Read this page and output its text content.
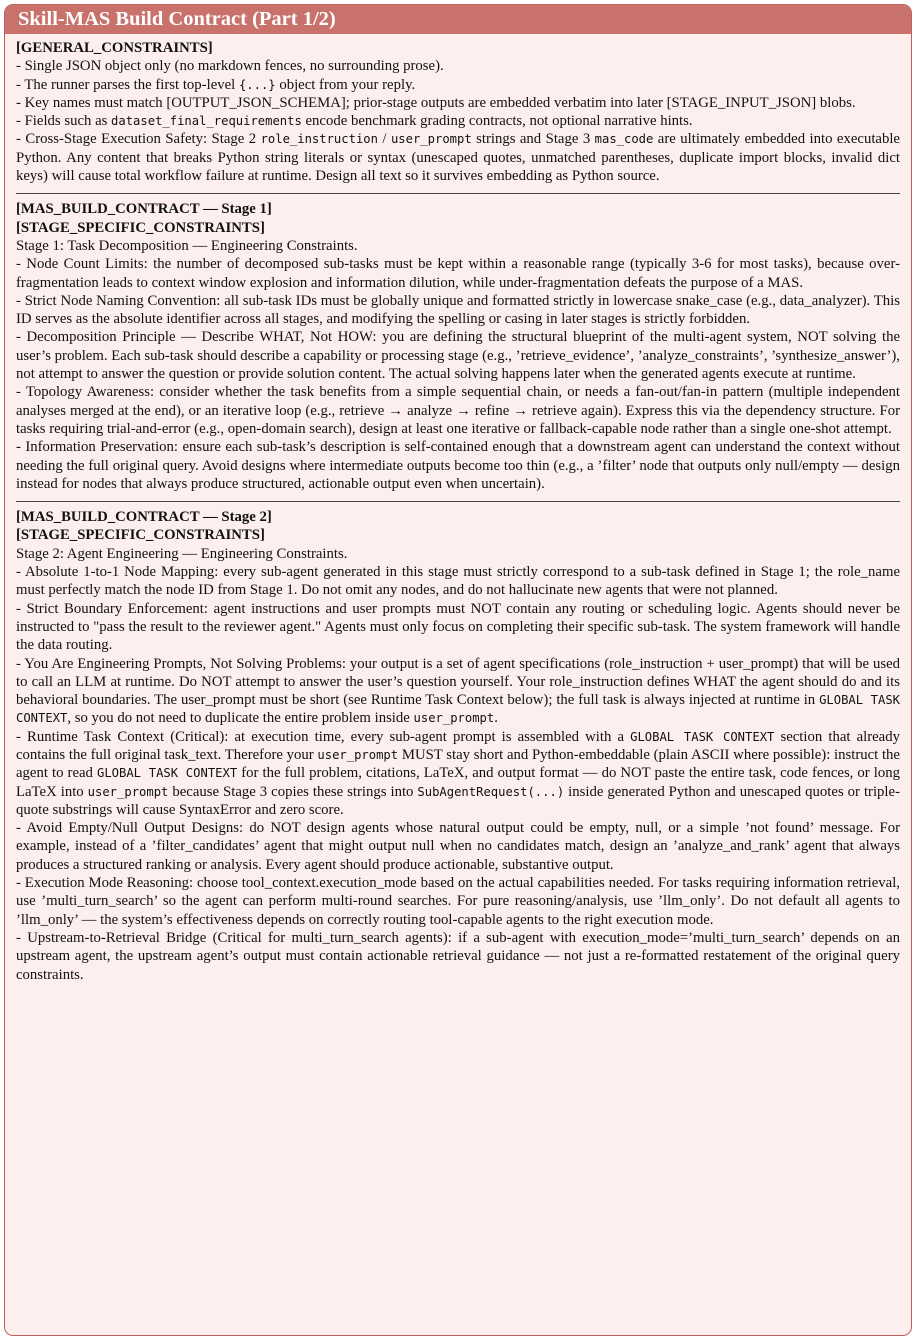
Skill-MAS Build Contract (Part 1/2)

[GENERAL_CONSTRAINTS]

- Single JSON object only (no markdown fences, no surrounding prose).

- The runner parses the first top-level {...} object from your reply.

- Key names must match [OUTPUT_JSON_SCHEMA]; prior-stage outputs are embedded verbatim into later [STAGE_INPUT_JSON] blobs.

- Fields such as dataset_final_requirements encode benchmark grading contracts, not optional narrative hints.

- Cross-Stage Execution Safety: Stage 2 role_instruction / user_prompt strings and Stage 3 mas_code are ultimately embedded into executable Python. Any content that breaks Python string literals or syntax (unescaped quotes, unmatched parentheses, duplicate import blocks, invalid dict keys) will cause total workflow failure at runtime. Design all text so it survives embedding as Python source.

[MAS_BUILD_CONTRACT — Stage 1]

[STAGE_SPECIFIC_CONSTRAINTS]

Stage 1: Task Decomposition — Engineering Constraints.

- Node Count Limits: the number of decomposed sub-tasks must be kept within a reasonable range (typically 3-6 for most tasks), because over-fragmentation leads to context window explosion and information dilution, while under-fragmentation defeats the purpose of a MAS.

- Strict Node Naming Convention: all sub-task IDs must be globally unique and formatted strictly in lowercase snake_case (e.g., data_analyzer). This ID serves as the absolute identifier across all stages, and modifying the spelling or casing in later stages is strictly forbidden.

- Decomposition Principle — Describe WHAT, Not HOW: you are defining the structural blueprint of the multi-agent system, NOT solving the user’s problem. Each sub-task should describe a capability or processing stage (e.g., ’retrieve_evidence’, ’analyze_constraints’, ’synthesize_answer’), not attempt to answer the question or provide solution content. The actual solving happens later when the generated agents execute at runtime.

- Topology Awareness: consider whether the task benefits from a simple sequential chain, or needs a fan-out/fan-in pattern (multiple independent analyses merged at the end), or an iterative loop (e.g., retrieve → analyze → refine → retrieve again). Express this via the dependency structure. For tasks requiring trial-and-error (e.g., open-domain search), design at least one iterative or fallback-capable node rather than a single one-shot attempt.

- Information Preservation: ensure each sub-task’s description is self-contained enough that a downstream agent can understand the context without needing the full original query. Avoid designs where intermediate outputs become too thin (e.g., a ’filter’ node that outputs only null/empty — design instead for nodes that always produce structured, actionable output even when uncertain).

[MAS_BUILD_CONTRACT — Stage 2]

[STAGE_SPECIFIC_CONSTRAINTS]

Stage 2: Agent Engineering — Engineering Constraints.

- Absolute 1-to-1 Node Mapping: every sub-agent generated in this stage must strictly correspond to a sub-task defined in Stage 1; the role_name must perfectly match the node ID from Stage 1. Do not omit any nodes, and do not hallucinate new agents that were not planned.

- Strict Boundary Enforcement: agent instructions and user prompts must NOT contain any routing or scheduling logic. Agents should never be instructed to "pass the result to the reviewer agent." Agents must only focus on completing their specific sub-task. The system framework will handle the data routing.

- You Are Engineering Prompts, Not Solving Problems: your output is a set of agent specifications (role_instruction + user_prompt) that will be used to call an LLM at runtime. Do NOT attempt to answer the user’s question yourself. Your role_instruction defines WHAT the agent should do and its behavioral boundaries. The user_prompt must be short (see Runtime Task Context below); the full task is always injected at runtime in GLOBAL TASK CONTEXT, so you do not need to duplicate the entire problem inside user_prompt.

- Runtime Task Context (Critical): at execution time, every sub-agent prompt is assembled with a GLOBAL TASK CONTEXT section that already contains the full original task_text. Therefore your user_prompt MUST stay short and Python-embeddable (plain ASCII where possible): instruct the agent to read GLOBAL TASK CONTEXT for the full problem, citations, LaTeX, and output format — do NOT paste the entire task, code fences, or long LaTeX into user_prompt because Stage 3 copies these strings into SubAgentRequest(...) inside generated Python and unescaped quotes or triple-quote substrings will cause SyntaxError and zero score.

- Avoid Empty/Null Output Designs: do NOT design agents whose natural output could be empty, null, or a simple ’not found’ message. For example, instead of a ’filter_candidates’ agent that might output null when no candidates match, design an ’analyze_and_rank’ agent that always produces a structured ranking or analysis. Every agent should produce actionable, substantive output.

- Execution Mode Reasoning: choose tool_context.execution_mode based on the actual capabilities needed. For tasks requiring information retrieval, use ’multi_turn_search’ so the agent can perform multi-round searches. For pure reasoning/analysis, use ’llm_only’. Do not default all agents to ’llm_only’ — the system’s effectiveness depends on correctly routing tool-capable agents to the right execution mode.

- Upstream-to-Retrieval Bridge (Critical for multi_turn_search agents): if a sub-agent with execution_mode=’multi_turn_search’ depends on an upstream agent, the upstream agent’s output must contain actionable retrieval guidance — not just a re-formatted restatement of the original query constraints.
